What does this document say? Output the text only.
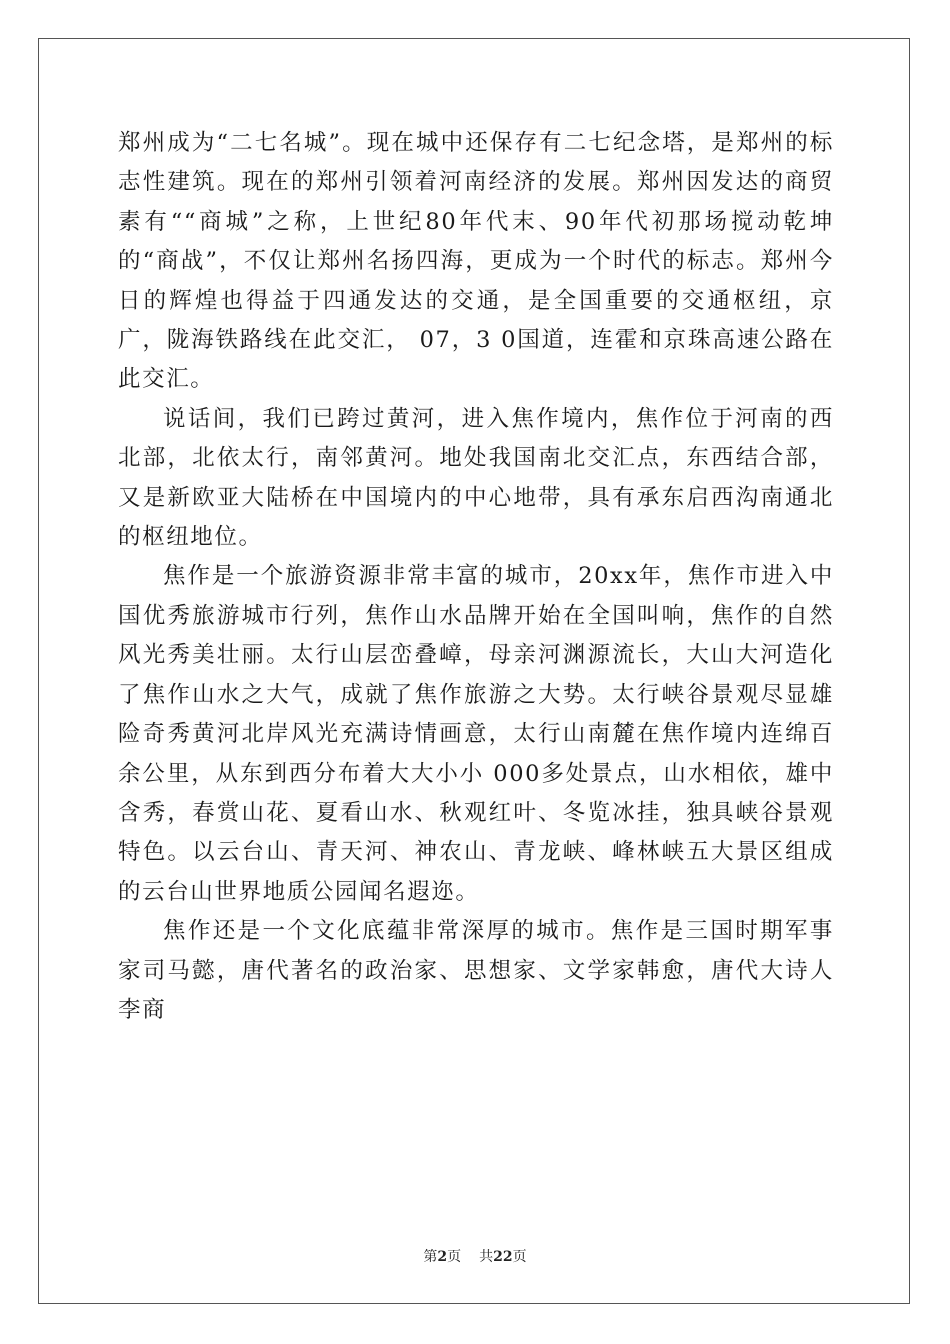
郑州成为“二七名城”。现在城中还保存有二七纪念塔，是郑州的标志性建筑。现在的郑州引领着河南经济的发展。郑州因发达的商贸素有““商城”之称，上世纪80年代末、90年代初那场搅动乾坤的“商战”，不仅让郑州名扬四海，更成为一个时代的标志。郑州今日的辉煌也得益于四通发达的交通，是全国重要的交通枢纽，京广，陇海铁路线在此交汇， 07，3 0国道，连霍和京珠高速公路在此交汇。

说话间，我们已跨过黄河，进入焦作境内，焦作位于河南的西北部，北依太行，南邻黄河。地处我国南北交汇点，东西结合部，又是新欧亚大陆桥在中国境内的中心地带，具有承东启西沟南通北的枢纽地位。

焦作是一个旅游资源非常丰富的城市，20xx年，焦作市进入中国优秀旅游城市行列，焦作山水品牌开始在全国叫响，焦作的自然风光秀美壮丽。太行山层峦叠嶂，母亲河渊源流长，大山大河造化了焦作山水之大气，成就了焦作旅游之大势。太行峡谷景观尽显雄险奇秀黄河北岸风光充满诗情画意，太行山南麓在焦作境内连绵百余公里，从东到西分布着大大小小 000多处景点，山水相依，雄中含秀，春赏山花、夏看山水、秋观红叶、冬览冰挂，独具峡谷景观特色。以云台山、青天河、神农山、青龙峡、峰林峡五大景区组成的云台山世界地质公园闻名遐迩。

焦作还是一个文化底蕴非常深厚的城市。焦作是三国时期军事家司马懿，唐代著名的政治家、思想家、文学家韩愈，唐代大诗人李商

第2页 共22页
